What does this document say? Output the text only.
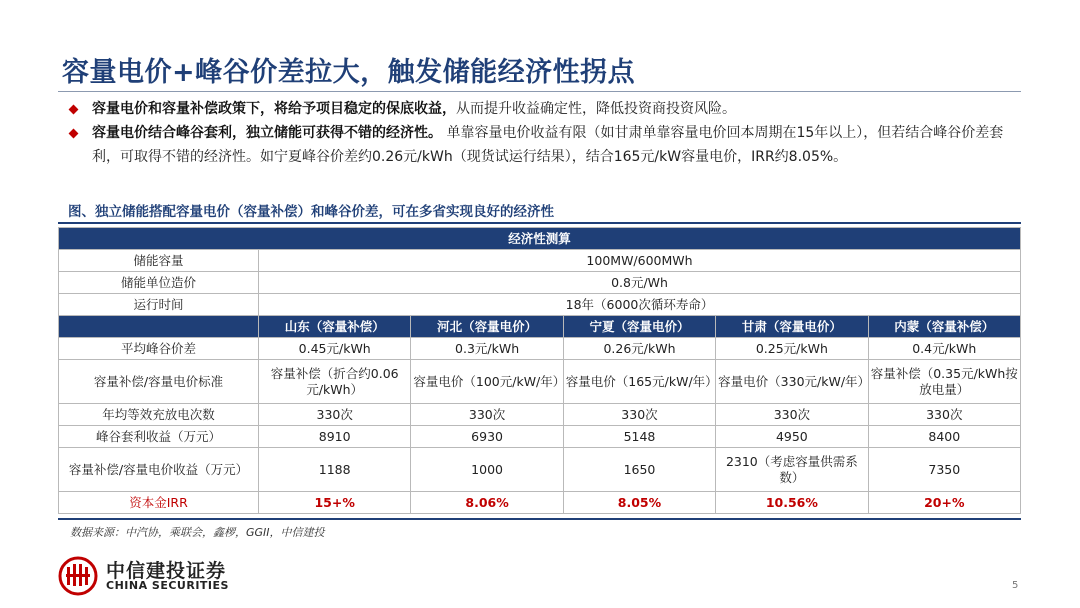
容量电价+峰谷价差拉大，触发储能经济性拐点
容量电价和容量补偿政策下，将给予项目稳定的保底收益，从而提升收益确定性，降低投资商投资风险。
容量电价结合峰谷套利，独立储能可获得不错的经济性。 单靠容量电价收益有限（如甘肃单靠容量电价回本周期在15年以上），但若结合峰谷价差套利，可取得不错的经济性。如宁夏峰谷价差约0.26元/kWh（现货试运行结果），结合165元/kW容量电价，IRR约8.05%。
图、独立储能搭配容量电价（容量补偿）和峰谷价差，可在多省实现良好的经济性
经济性测算					
储能容量	100MW/600MWh				
储能单位造价	0.8元/Wh				
运行时间	18年（6000次循环寿命）				
	山东（容量补偿）	河北（容量电价）	宁夏（容量电价）	甘肃（容量电价）	内蒙（容量补偿）
平均峰谷价差	0.45元/kWh	0.3元/kWh	0.26元/kWh	0.25元/kWh	0.4元/kWh
容量补偿/容量电价标准	容量补偿（折合约0.06元/kWh）	容量电价（100元/kW/年）	容量电价（165元/kW/年）	容量电价（330元/kW/年）	容量补偿（0.35元/kWh按放电量）
年均等效充放电次数	330次	330次	330次	330次	330次
峰谷套利收益（万元）	8910	6930	5148	4950	8400
容量补偿/容量电价收益（万元）	1188	1000	1650	2310（考虑容量供需系数）	7350
资本金IRR	15+%	8.06%	8.05%	10.56%	20+%
数据来源：中汽协，乘联会，鑫椤，GGII，中信建投
中信建投证券
CHINA SECURITIES	5
